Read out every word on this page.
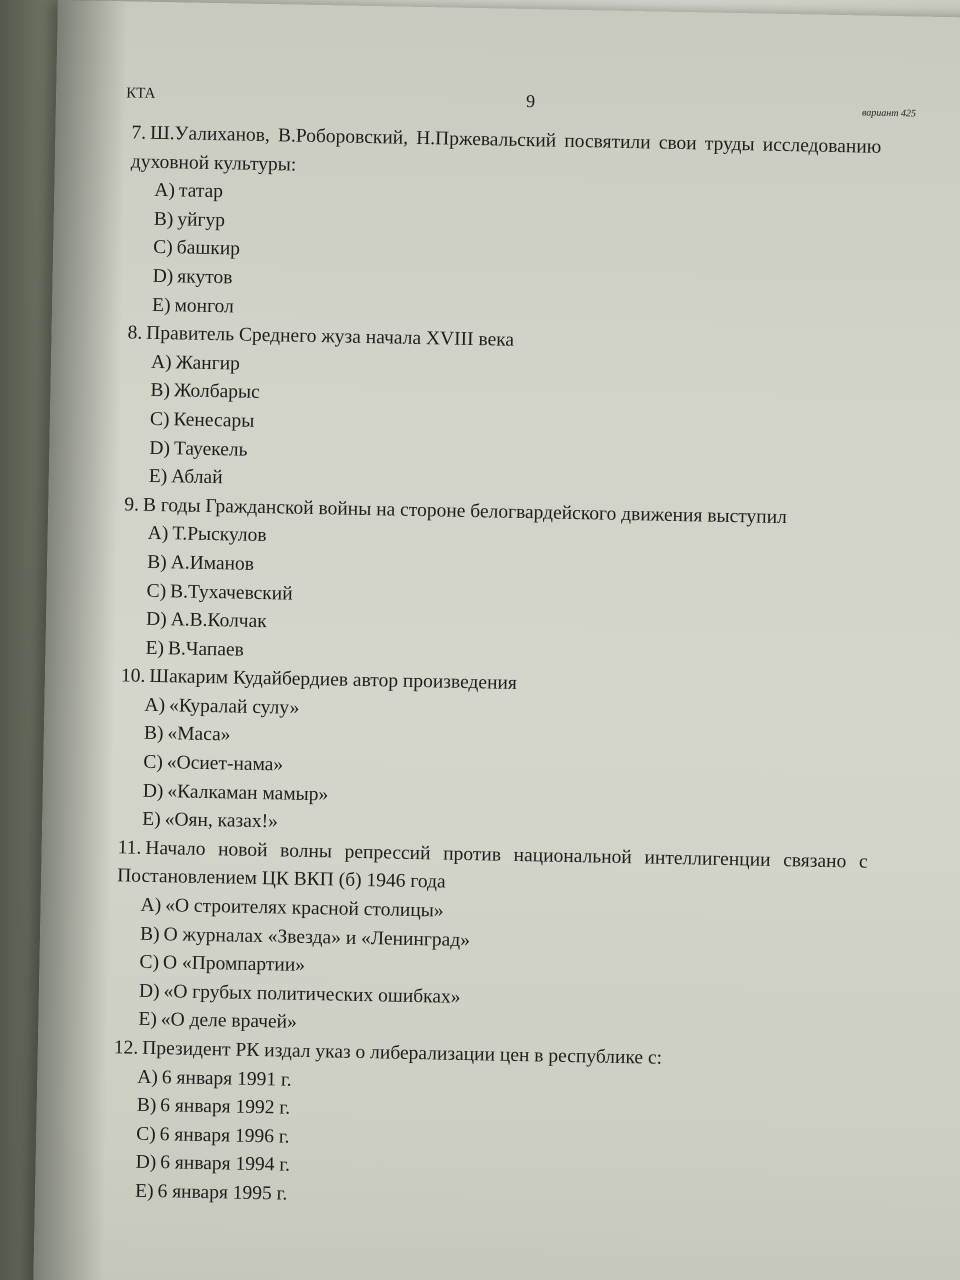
КТА	9
вариант 425
7. Ш.Уалиханов, В.Роборовский, Н.Пржевальский посвятили свои труды исследованию духовной культуры:
A) татар
B) уйгур
C) башкир
D) якутов
E) монгол
8. Правитель Среднего жуза начала XVIII века
A) Жангир
B) Жолбарыс
C) Кенесары
D) Тауекель
E) Аблай
9. В годы Гражданской войны на стороне белогвардейского движения выступил
A) Т.Рыскулов
B) А.Иманов
C) В.Тухачевский
D) А.В.Колчак
E) В.Чапаев
10. Шакарим Кудайбердиев автор произведения
A) «Куралай сулу»
B) «Маса»
C) «Осиет-нама»
D) «Калкаман мамыр»
E) «Оян, казах!»
11. Начало новой волны репрессий против национальной интеллигенции связано с Постановлением ЦК ВКП (б) 1946 года
A) «О строителях красной столицы»
B) О журналах «Звезда» и «Ленинград»
C) О «Промпартии»
D) «О грубых политических ошибках»
E) «О деле врачей»
12. Президент РК издал указ о либерализации цен в республике с:
A) 6 января 1991 г.
B) 6 января 1992 г.
C) 6 января 1996 г.
D) 6 января 1994 г.
E) 6 января 1995 г.
